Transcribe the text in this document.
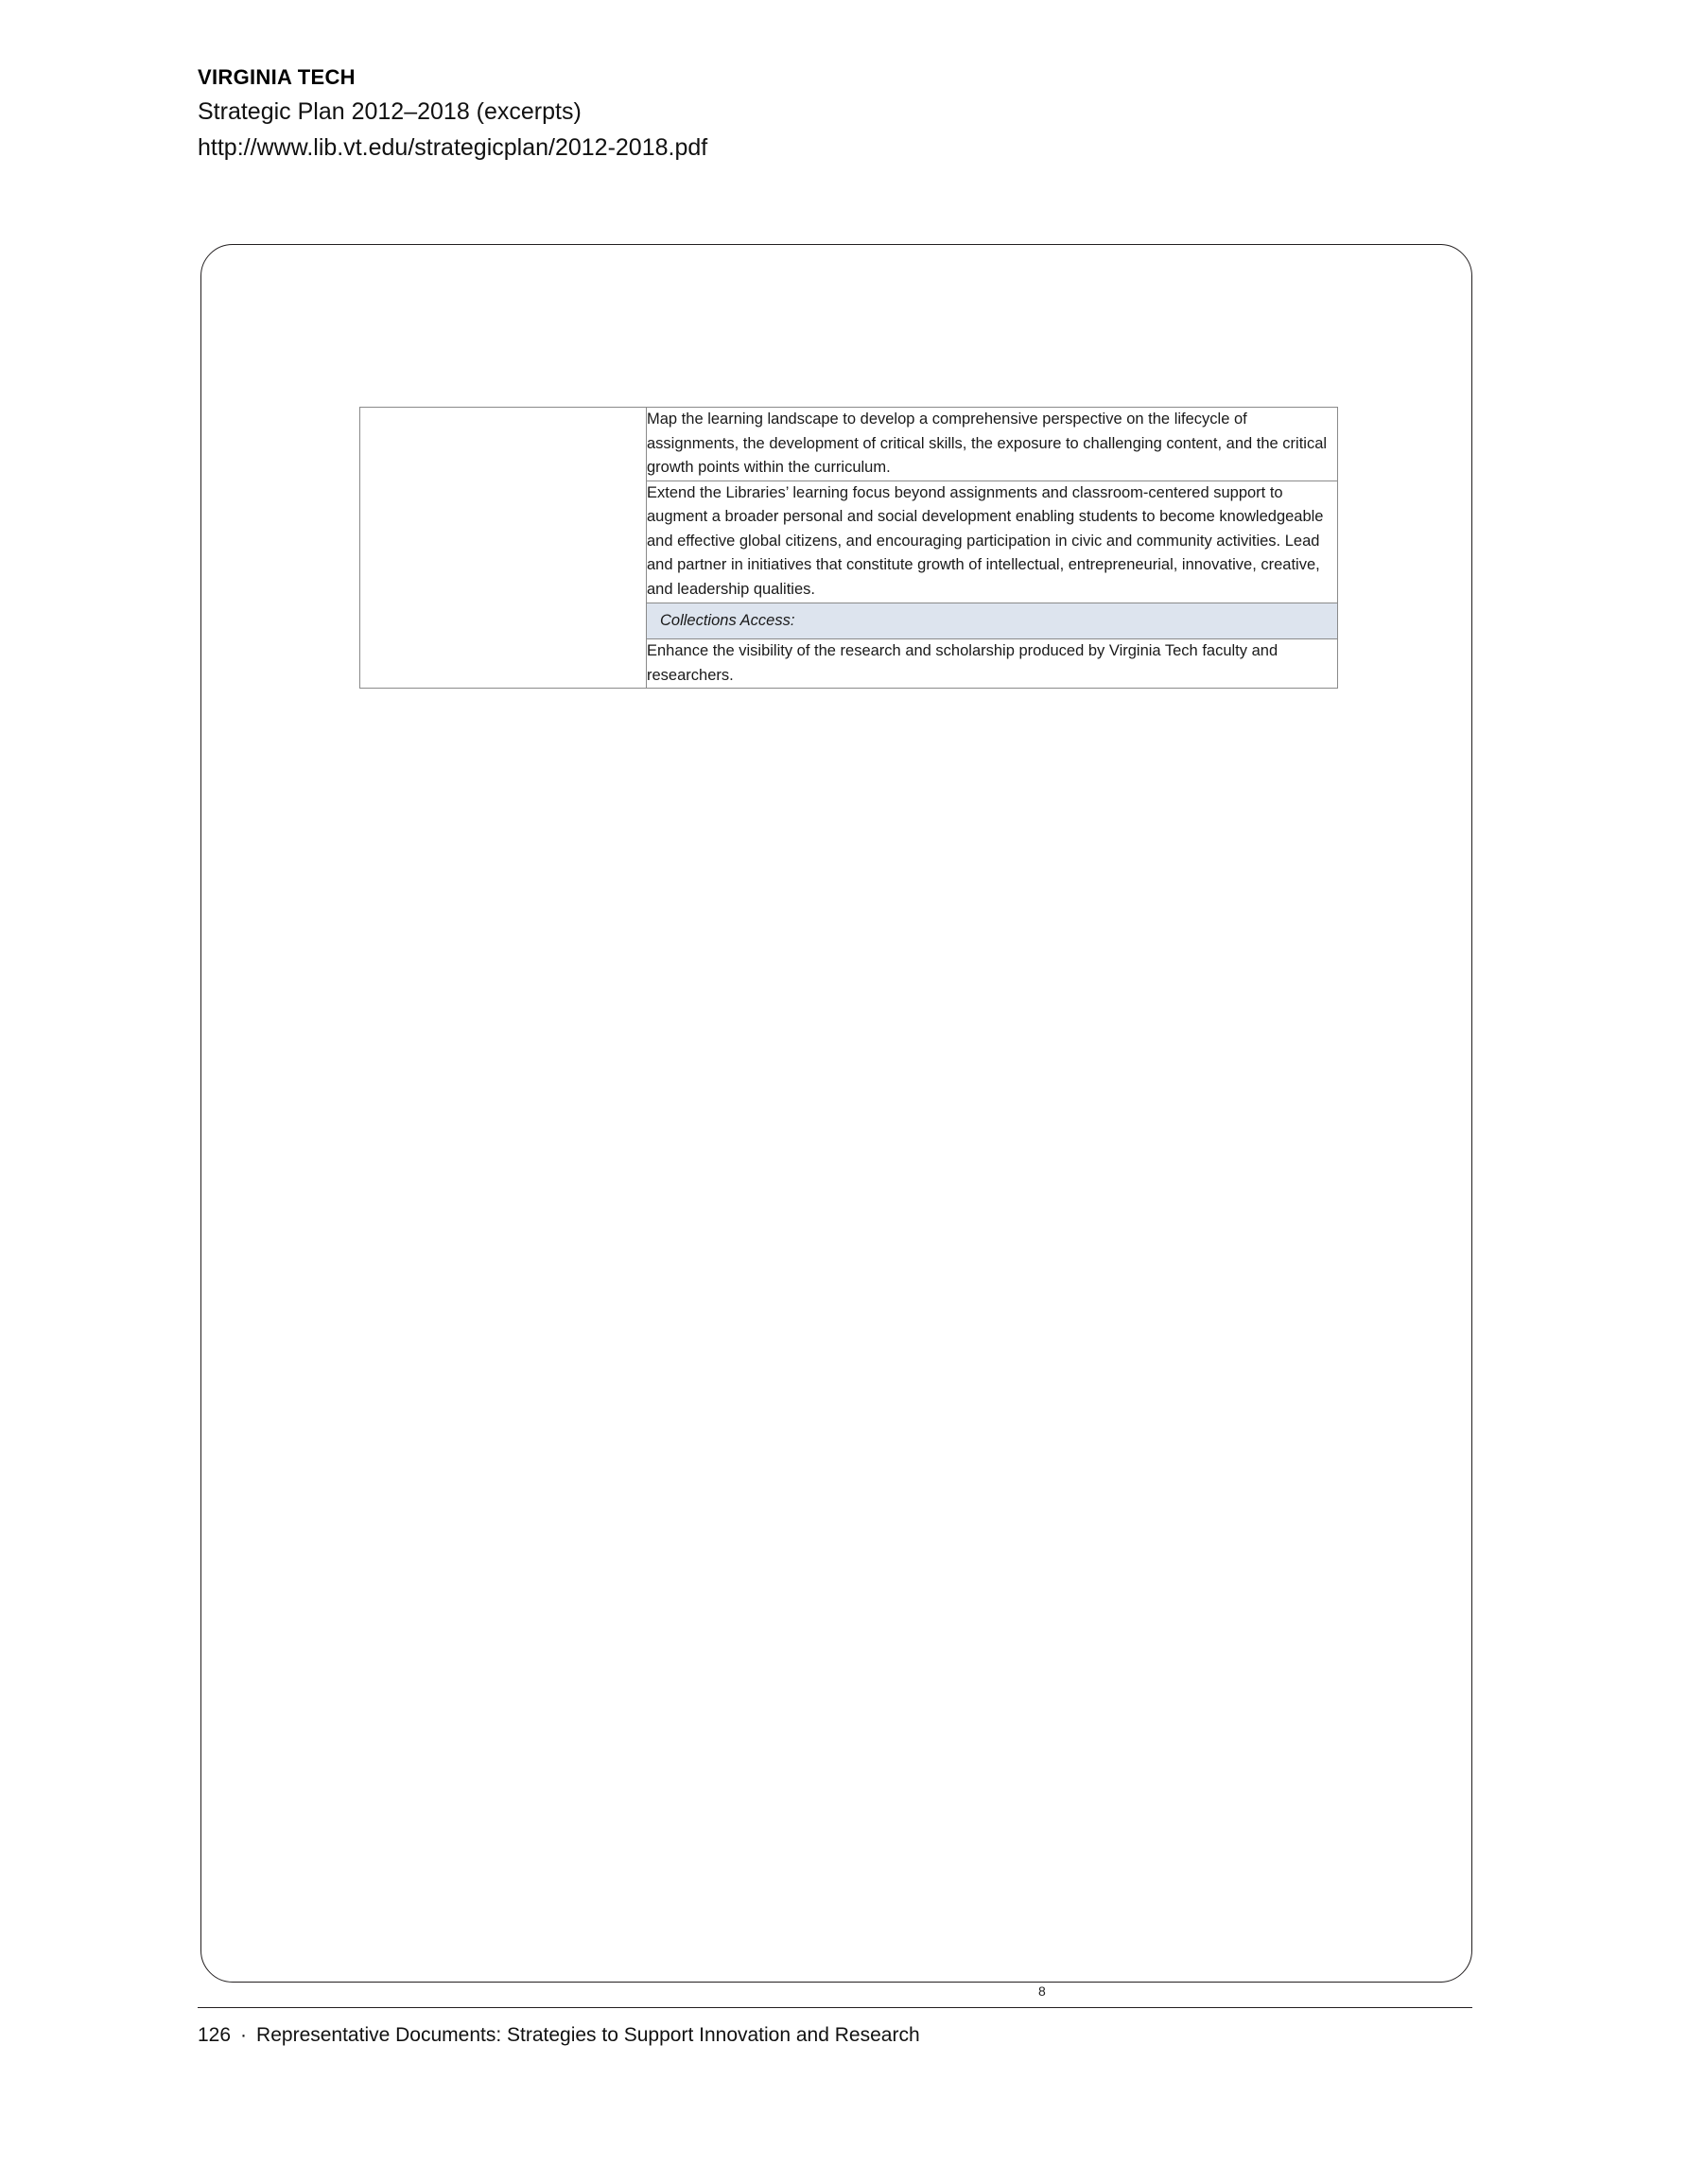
VIRGINIA TECH
Strategic Plan 2012–2018 (excerpts)
http://www.lib.vt.edu/strategicplan/2012-2018.pdf
8
	Map the learning landscape to develop a comprehensive perspective on the lifecycle of assignments, the development of critical skills, the exposure to challenging content, and the critical growth points within the curriculum.
	Extend the Libraries’ learning focus beyond assignments and classroom-centered support to augment a broader personal and social development enabling students to become knowledgeable and effective global citizens, and encouraging participation in civic and community activities. Lead and partner in initiatives that constitute growth of intellectual, entrepreneurial, innovative, creative, and leadership qualities.
	Collections Access:
	Enhance the visibility of the research and scholarship produced by Virginia Tech faculty and researchers.
126 · Representative Documents: Strategies to Support Innovation and Research
